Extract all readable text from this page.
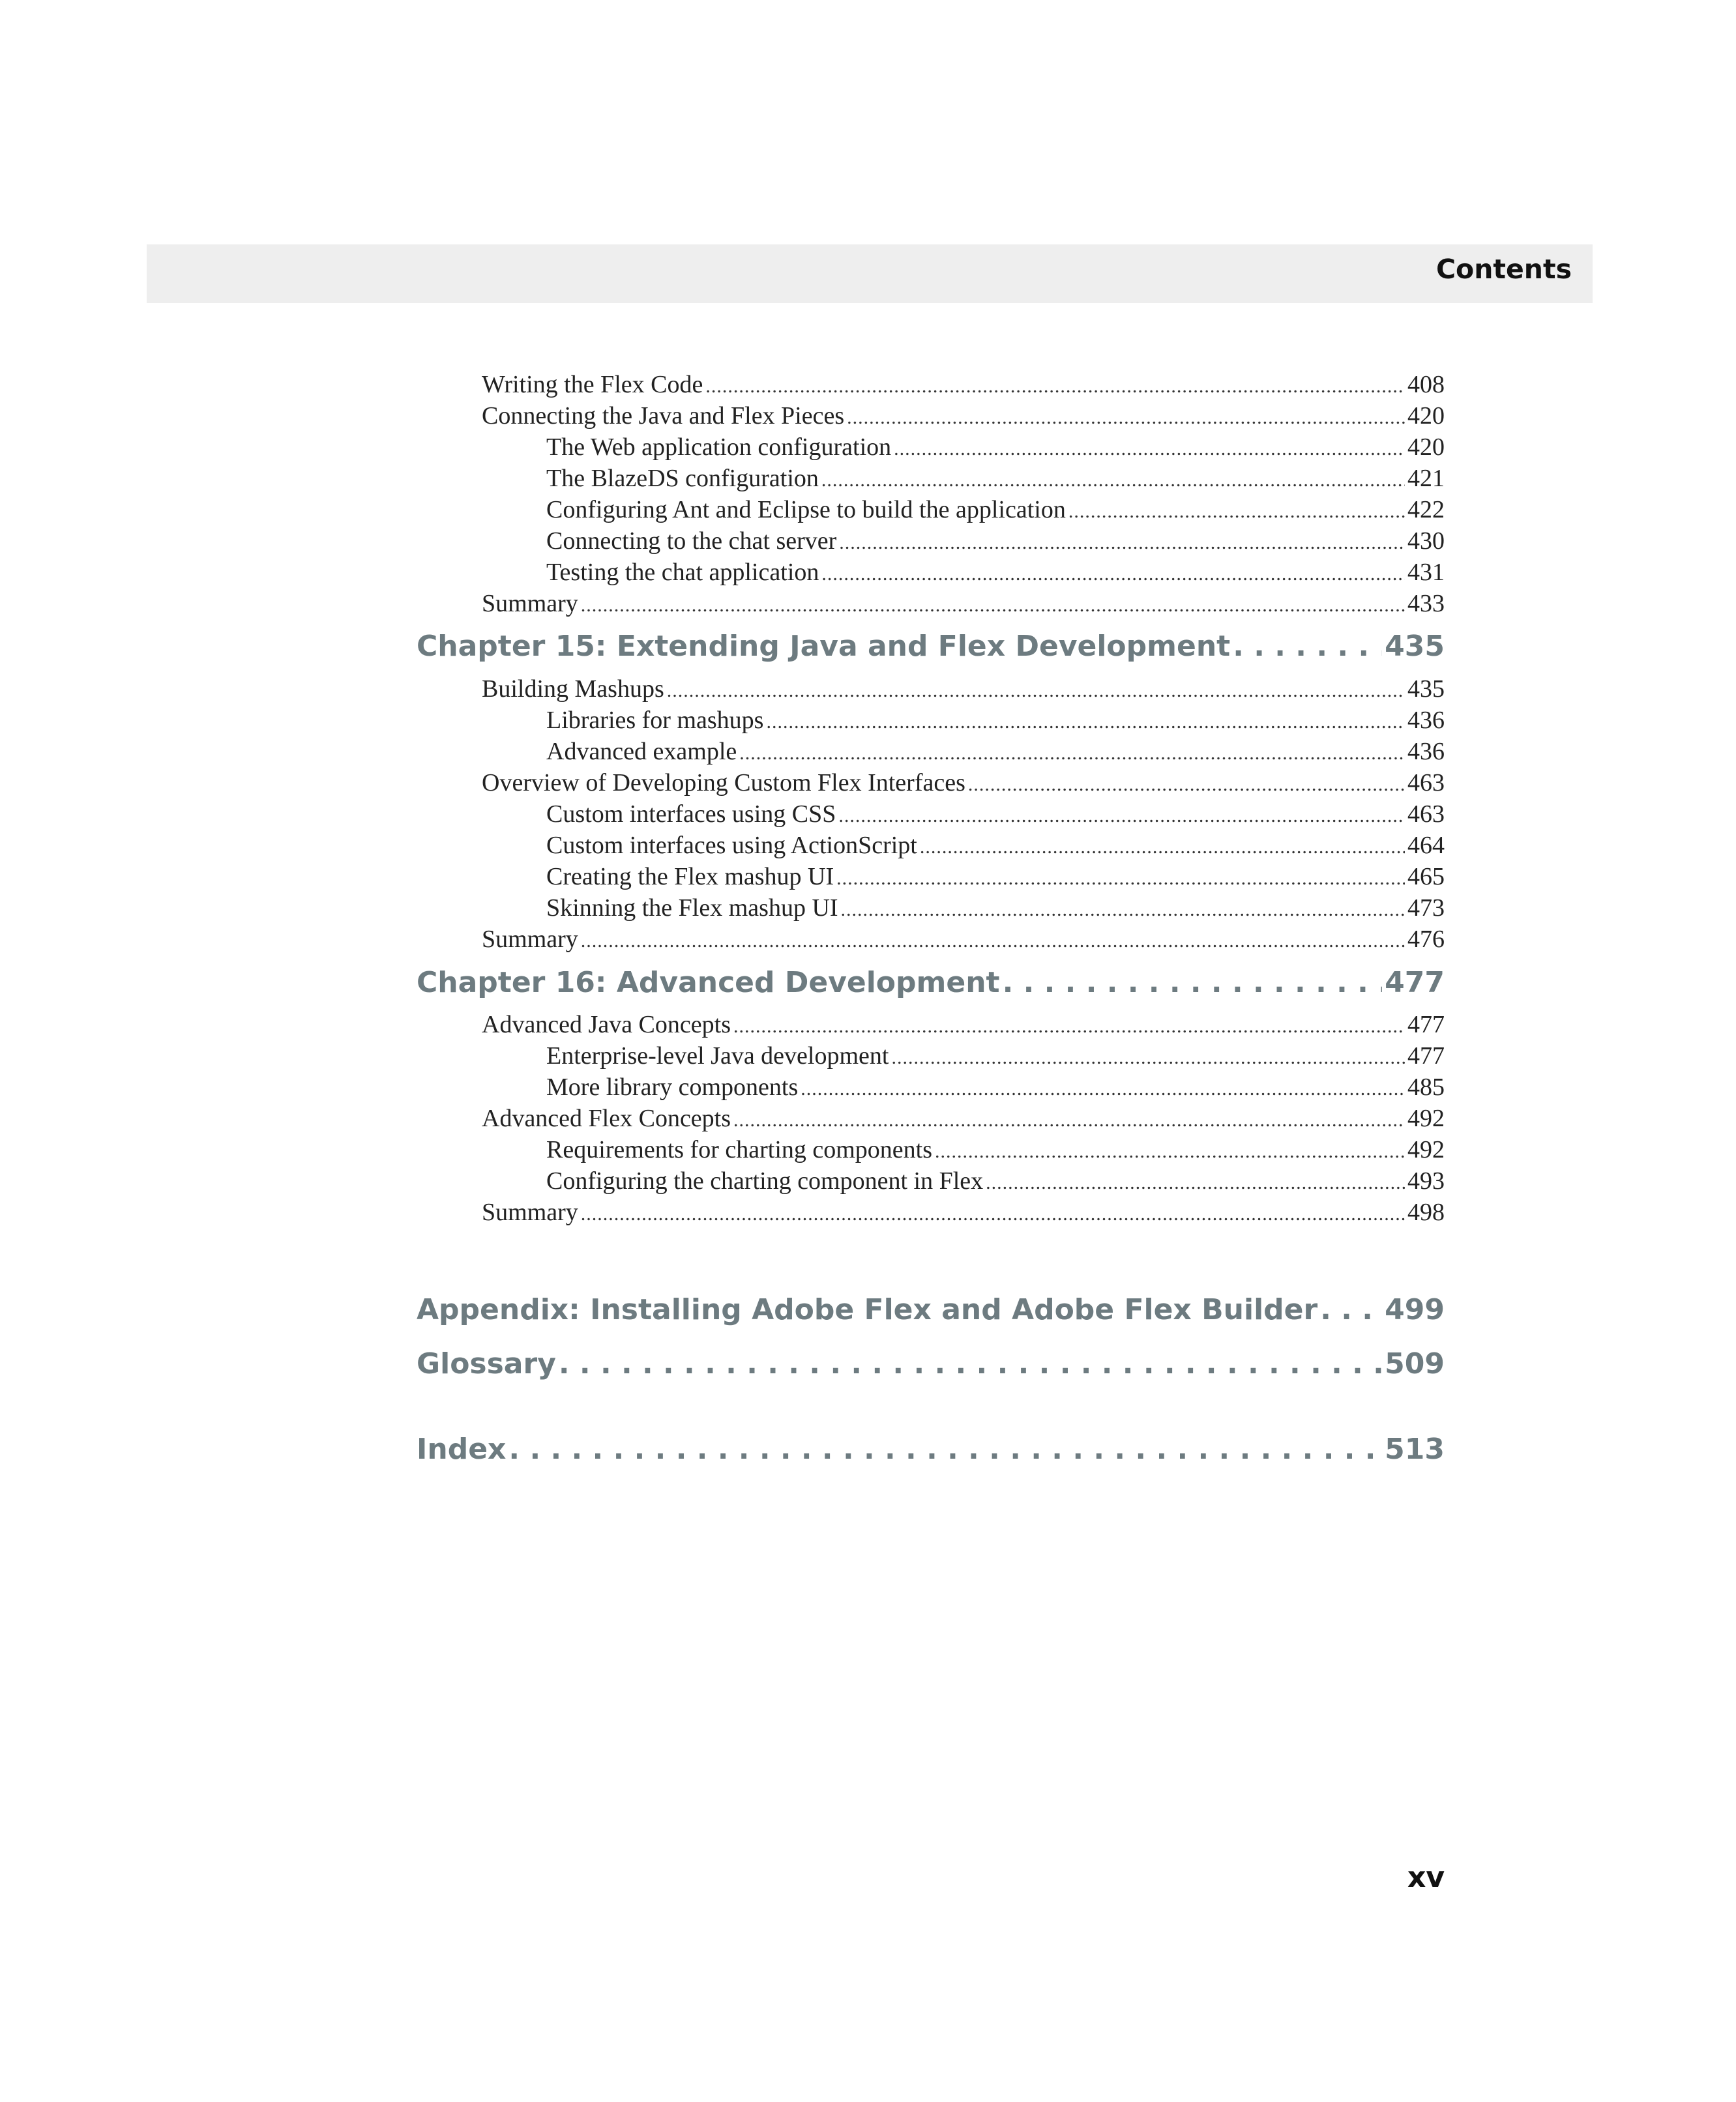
Contents
Writing the Flex Code .....	408
Connecting the Java and Flex Pieces .....	420
The Web application configuration .....	420
The BlazeDS configuration .....	421
Configuring Ant and Eclipse to build the application .....	422
Connecting to the chat server .....	430
Testing the chat application .....	431
Summary .....	433
Chapter 15: Extending Java and Flex Development . . .	435
Building Mashups .....	435
Libraries for mashups .....	436
Advanced example .....	436
Overview of Developing Custom Flex Interfaces .....	463
Custom interfaces using CSS .....	463
Custom interfaces using ActionScript .....	464
Creating the Flex mashup UI .....	465
Skinning the Flex mashup UI .....	473
Summary .....	476
Chapter 16: Advanced Development . . .	477
Advanced Java Concepts .....	477
Enterprise-level Java development .....	477
More library components .....	485
Advanced Flex Concepts .....	492
Requirements for charting components .....	492
Configuring the charting component in Flex .....	493
Summary .....	498
Appendix: Installing Adobe Flex and Adobe Flex Builder . . . 499
Glossary . . .	509
Index . . .	513
xv
